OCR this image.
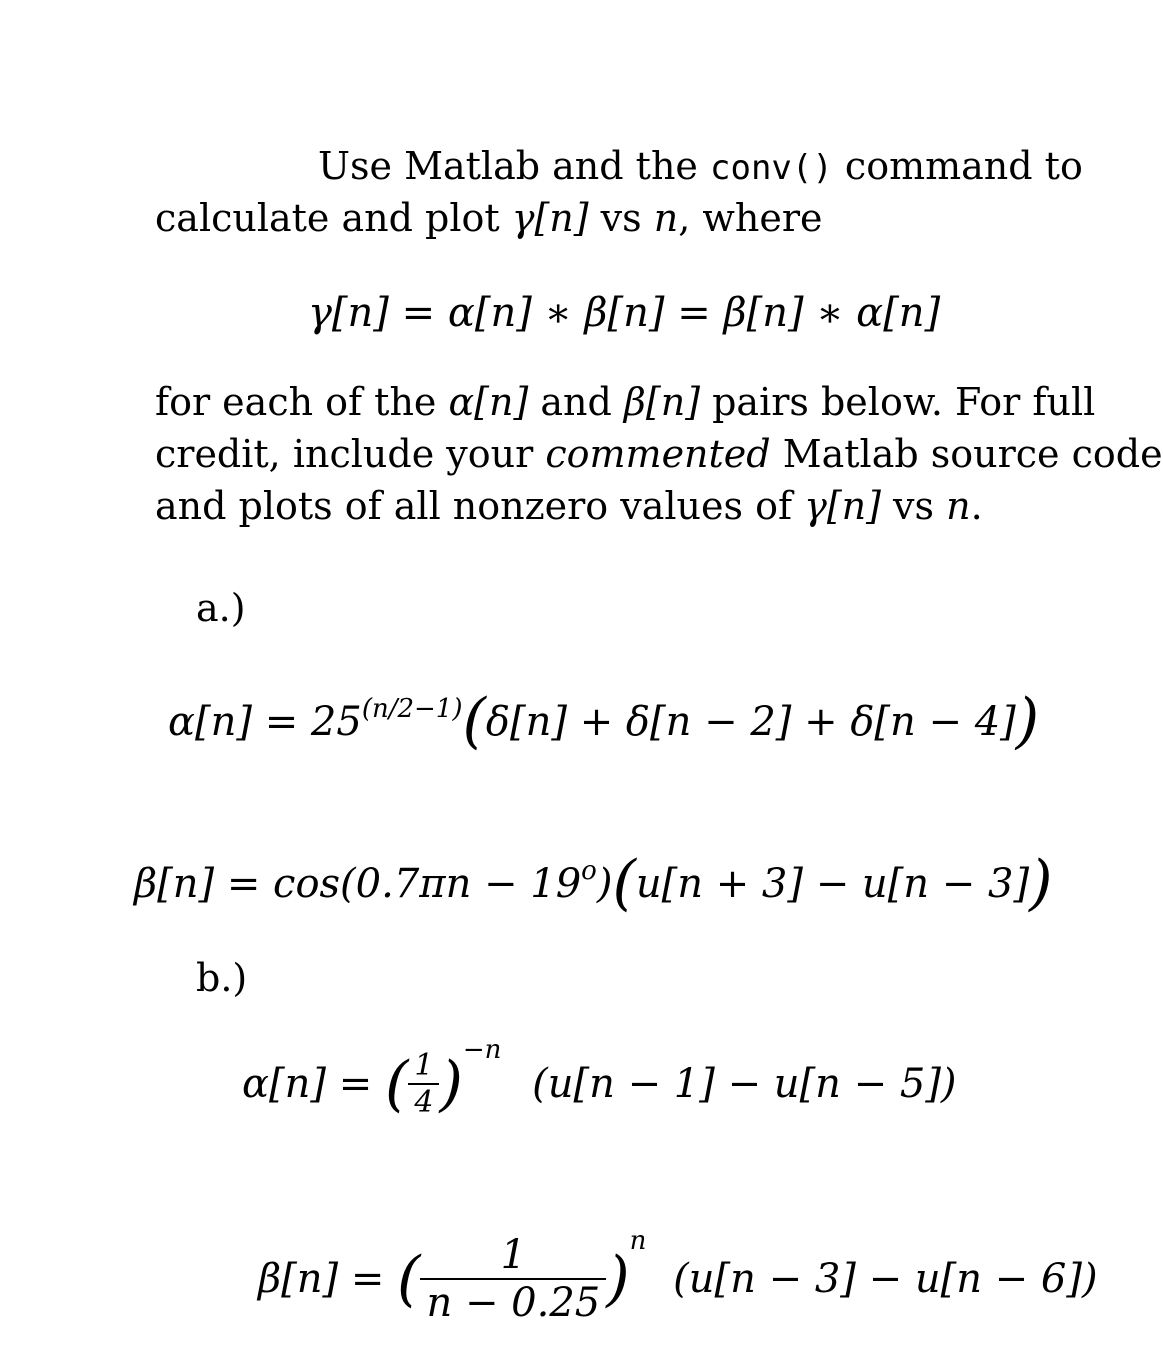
Use Matlab and the conv() command to
calculate and plot γ[n] vs n, where
γ[n] = α[n] ∗ β[n] = β[n] ∗ α[n]
for each of the α[n] and β[n] pairs below. For full
credit, include your commented Matlab source code
and plots of all nonzero values of γ[n] vs n.
a.)
$\alpha[n] = 25^{(n/2-1)}(\delta[n] + \delta[n - 2] + \delta[n - 4])$
$\beta[n] = \cos(0.7\pi n - 19^o)(u[n + 3] - u[n - 3])$
b.)
α[n] = ( $\frac{1}{4} )^{-n}$ (u[n − 1] − u[n − 5])
β[n] = ( $\frac{1}{n - 0.25} )^n$ (u[n − 3] − u[n − 6])
